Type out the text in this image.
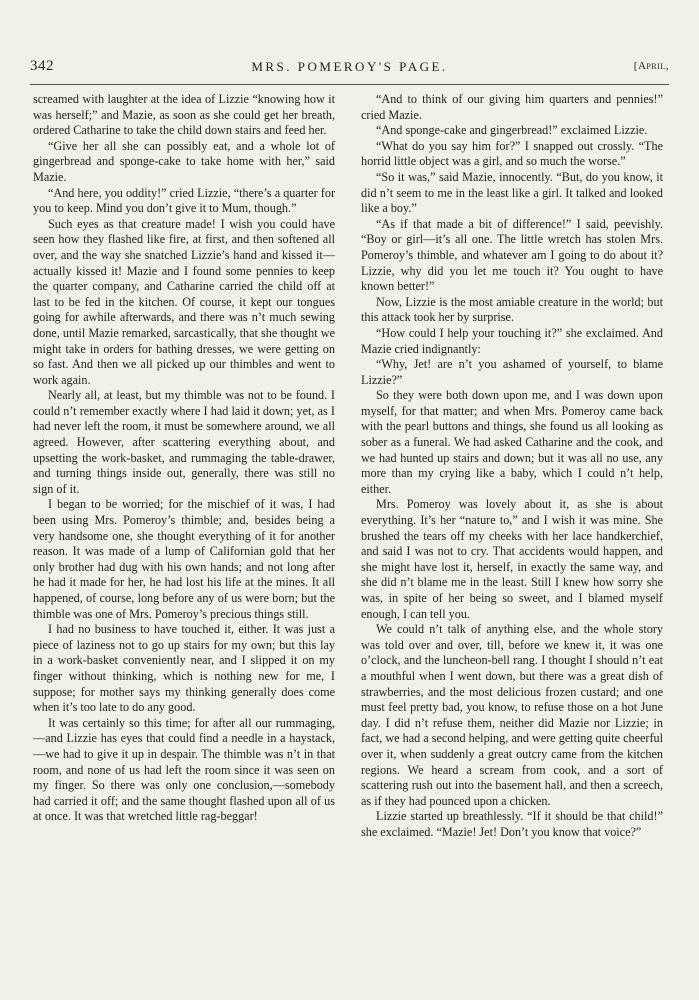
342	MRS. POMEROY'S PAGE.	[April,

screamed with laughter at the idea of Lizzie “knowing how it was herself;” and Mazie, as soon as she could get her breath, ordered Catharine to take the child down stairs and feed her.

“Give her all she can possibly eat, and a whole lot of gingerbread and sponge-cake to take home with her,” said Mazie.

“And here, you oddity!” cried Lizzie, “there’s a quarter for you to keep. Mind you don’t give it to Mum, though.”

Such eyes as that creature made! I wish you could have seen how they flashed like fire, at first, and then softened all over, and the way she snatched Lizzie’s hand and kissed it—actually kissed it! Mazie and I found some pennies to keep the quarter company, and Catharine carried the child off at last to be fed in the kitchen. Of course, it kept our tongues going for awhile afterwards, and there was n’t much sewing done, until Mazie remarked, sarcastically, that she thought we might take in orders for bathing dresses, we were getting on so fast. And then we all picked up our thimbles and went to work again.

Nearly all, at least, but my thimble was not to be found. I could n’t remember exactly where I had laid it down; yet, as I had never left the room, it must be somewhere around, we all agreed. However, after scattering everything about, and upsetting the work-basket, and rummaging the table-drawer, and turning things inside out, generally, there was still no sign of it.

I began to be worried; for the mischief of it was, I had been using Mrs. Pomeroy’s thimble; and, besides being a very handsome one, she thought everything of it for another reason. It was made of a lump of Californian gold that her only brother had dug with his own hands; and not long after he had it made for her, he had lost his life at the mines. It all happened, of course, long before any of us were born; but the thimble was one of Mrs. Pomeroy’s precious things still.

I had no business to have touched it, either. It was just a piece of laziness not to go up stairs for my own; but this lay in a work-basket conveniently near, and I slipped it on my finger without thinking, which is nothing new for me, I suppose; for mother says my thinking generally does come when it’s too late to do any good.

It was certainly so this time; for after all our rummaging,—and Lizzie has eyes that could find a needle in a haystack,—we had to give it up in despair. The thimble was n’t in that room, and none of us had left the room since it was seen on my finger. So there was only one conclusion,—somebody had carried it off; and the same thought flashed upon all of us at once. It was that wretched little rag-beggar!

“And to think of our giving him quarters and pennies!” cried Mazie.

“And sponge-cake and gingerbread!” exclaimed Lizzie.

“What do you say him for?” I snapped out crossly. “The horrid little object was a girl, and so much the worse.”

“So it was,” said Mazie, innocently. “But, do you know, it did n’t seem to me in the least like a girl. It talked and looked like a boy.”

“As if that made a bit of difference!” I said, peevishly. “Boy or girl—it’s all one. The little wretch has stolen Mrs. Pomeroy’s thimble, and whatever am I going to do about it? Lizzie, why did you let me touch it? You ought to have known better!”

Now, Lizzie is the most amiable creature in the world; but this attack took her by surprise.

“How could I help your touching it?” she exclaimed. And Mazie cried indignantly:

“Why, Jet! are n’t you ashamed of yourself, to blame Lizzie?”

So they were both down upon me, and I was down upon myself, for that matter; and when Mrs. Pomeroy came back with the pearl buttons and things, she found us all looking as sober as a funeral. We had asked Catharine and the cook, and we had hunted up stairs and down; but it was all no use, any more than my crying like a baby, which I could n’t help, either.

Mrs. Pomeroy was lovely about it, as she is about everything. It’s her “nature to,” and I wish it was mine. She brushed the tears off my cheeks with her lace handkerchief, and said I was not to cry. That accidents would happen, and she might have lost it, herself, in exactly the same way, and she did n’t blame me in the least. Still I knew how sorry she was, in spite of her being so sweet, and I blamed myself enough, I can tell you.

We could n’t talk of anything else, and the whole story was told over and over, till, before we knew it, it was one o’clock, and the luncheon-bell rang. I thought I should n’t eat a mouthful when I went down, but there was a great dish of strawberries, and the most delicious frozen custard; and one must feel pretty bad, you know, to refuse those on a hot June day. I did n’t refuse them, neither did Mazie nor Lizzie; in fact, we had a second helping, and were getting quite cheerful over it, when suddenly a great outcry came from the kitchen regions. We heard a scream from cook, and a sort of scattering rush out into the basement hall, and then a screech, as if they had pounced upon a chicken.

Lizzie started up breathlessly. “If it should be that child!” she exclaimed. “Mazie! Jet! Don’t you know that voice?”
